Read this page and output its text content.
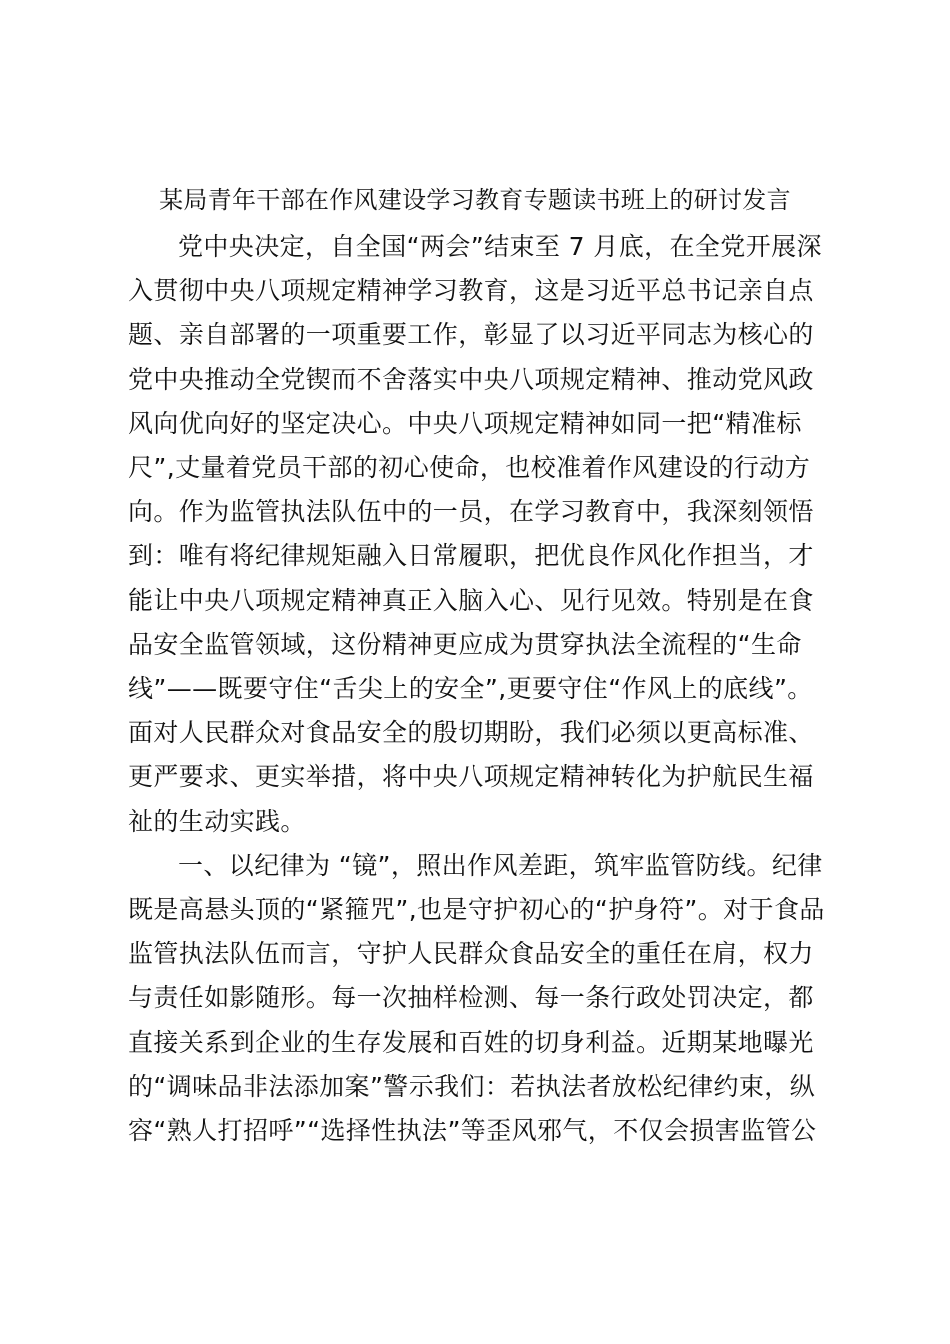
某局青年干部在作风建设学习教育专题读书班上的研讨发言
党中央决定，自全国“两会”结束至 7 月底，在全党开展深
入贯彻中央八项规定精神学习教育，这是习近平总书记亲自点
题、亲自部署的一项重要工作，彰显了以习近平同志为核心的
党中央推动全党锲而不舍落实中央八项规定精神、推动党风政
风向优向好的坚定决心。中央八项规定精神如同一把“精准标
尺”,丈量着党员干部的初心使命，也校准着作风建设的行动方
向。作为监管执法队伍中的一员，在学习教育中，我深刻领悟
到：唯有将纪律规矩融入日常履职，把优良作风化作担当，才
能让中央八项规定精神真正入脑入心、见行见效。特别是在食
品安全监管领域，这份精神更应成为贯穿执法全流程的“生命
线”——既要守住“舌尖上的安全”,更要守住“作风上的底线”。
面对人民群众对食品安全的殷切期盼，我们必须以更高标准、
更严要求、更实举措，将中央八项规定精神转化为护航民生福
祉的生动实践。
一、以纪律为 “镜”，照出作风差距，筑牢监管防线。纪律
既是高悬头顶的“紧箍咒”,也是守护初心的“护身符”。对于食品
监管执法队伍而言，守护人民群众食品安全的重任在肩，权力
与责任如影随形。每一次抽样检测、每一条行政处罚决定，都
直接关系到企业的生存发展和百姓的切身利益。近期某地曝光
的“调味品非法添加案”警示我们：若执法者放松纪律约束，纵
容“熟人打招呼”“选择性执法”等歪风邪气，不仅会损害监管公
